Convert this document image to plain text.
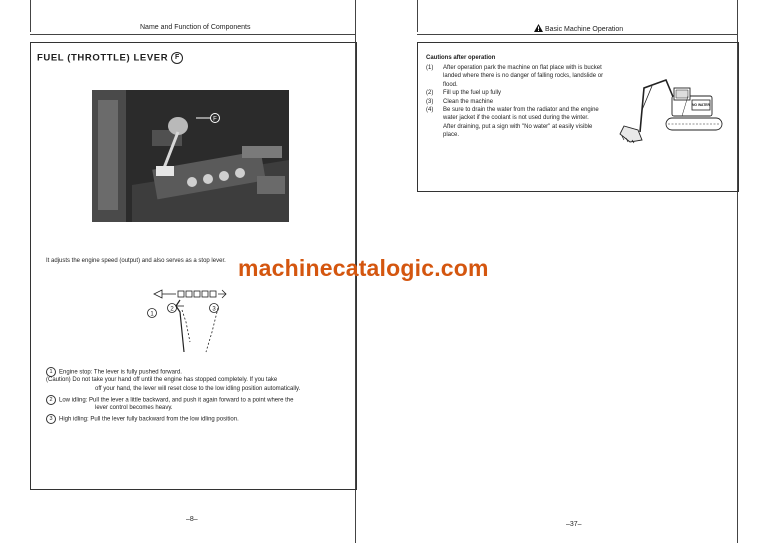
Name and Function of Components
FUEL (THROTTLE) LEVER F
F
It adjusts the engine speed (output) and also serves as a stop lever.
1
2	3
1 Engine stop: The lever is fully pushed forward.
(Caution) Do not take your hand off until the engine has stopped completely. If you take
off your hand, the lever will reset close to the low idling position automatically.
2 Low idling: Pull the lever a little backward, and push it again forward to a point where the
lever control becomes heavy.
3 High idling: Pull the lever fully backward from the low idling position.
–8–
Basic Machine Operation
Cautions after operation
(1)	After operation park the machine on flat place with is bucket landed where there is no danger of falling rocks, landslide or flood.
(2)	Fill up the fuel up fully
(3)	Clean the machine
(4)	Be sure to drain the water from the radiator and the engine water jacket if the coolant is not used during the winter.
After draining, put a sign with "No water" at easily visible place.
NO WATER
–37–
machinecatalogic.com
